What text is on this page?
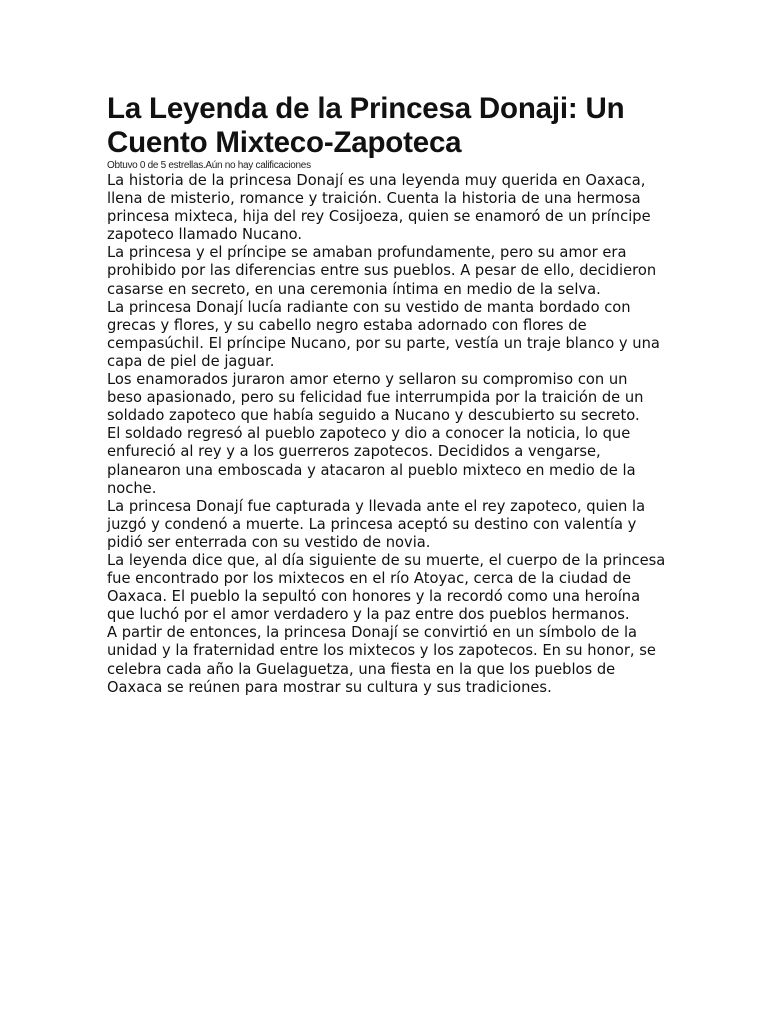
La Leyenda de la Princesa Donaji: Un
Cuento Mixteco-Zapoteca
Obtuvo 0 de 5 estrellas.Aún no hay calificaciones

La historia de la princesa Donají es una leyenda muy querida en Oaxaca, llena de misterio, romance y traición. Cuenta la historia de una hermosa princesa mixteca, hija del rey Cosijoeza, quien se enamoró de un príncipe zapoteco llamado Nucano.

La princesa y el príncipe se amaban profundamente, pero su amor era prohibido por las diferencias entre sus pueblos. A pesar de ello, decidieron casarse en secreto, en una ceremonia íntima en medio de la selva.

La princesa Donají lucía radiante con su vestido de manta bordado con grecas y flores, y su cabello negro estaba adornado con flores de cempasúchil. El príncipe Nucano, por su parte, vestía un traje blanco y una capa de piel de jaguar.

Los enamorados juraron amor eterno y sellaron su compromiso con un beso apasionado, pero su felicidad fue interrumpida por la traición de un soldado zapoteco que había seguido a Nucano y descubierto su secreto.

El soldado regresó al pueblo zapoteco y dio a conocer la noticia, lo que enfureció al rey y a los guerreros zapotecos. Decididos a vengarse, planearon una emboscada y atacaron al pueblo mixteco en medio de la noche.

La princesa Donají fue capturada y llevada ante el rey zapoteco, quien la juzgó y condenó a muerte. La princesa aceptó su destino con valentía y pidió ser enterrada con su vestido de novia.

La leyenda dice que, al día siguiente de su muerte, el cuerpo de la princesa fue encontrado por los mixtecos en el río Atoyac, cerca de la ciudad de Oaxaca. El pueblo la sepultó con honores y la recordó como una heroína que luchó por el amor verdadero y la paz entre dos pueblos hermanos.

A partir de entonces, la princesa Donají se convirtió en un símbolo de la unidad y la fraternidad entre los mixtecos y los zapotecos. En su honor, se celebra cada año la Guelaguetza, una fiesta en la que los pueblos de Oaxaca se reúnen para mostrar su cultura y sus tradiciones.
